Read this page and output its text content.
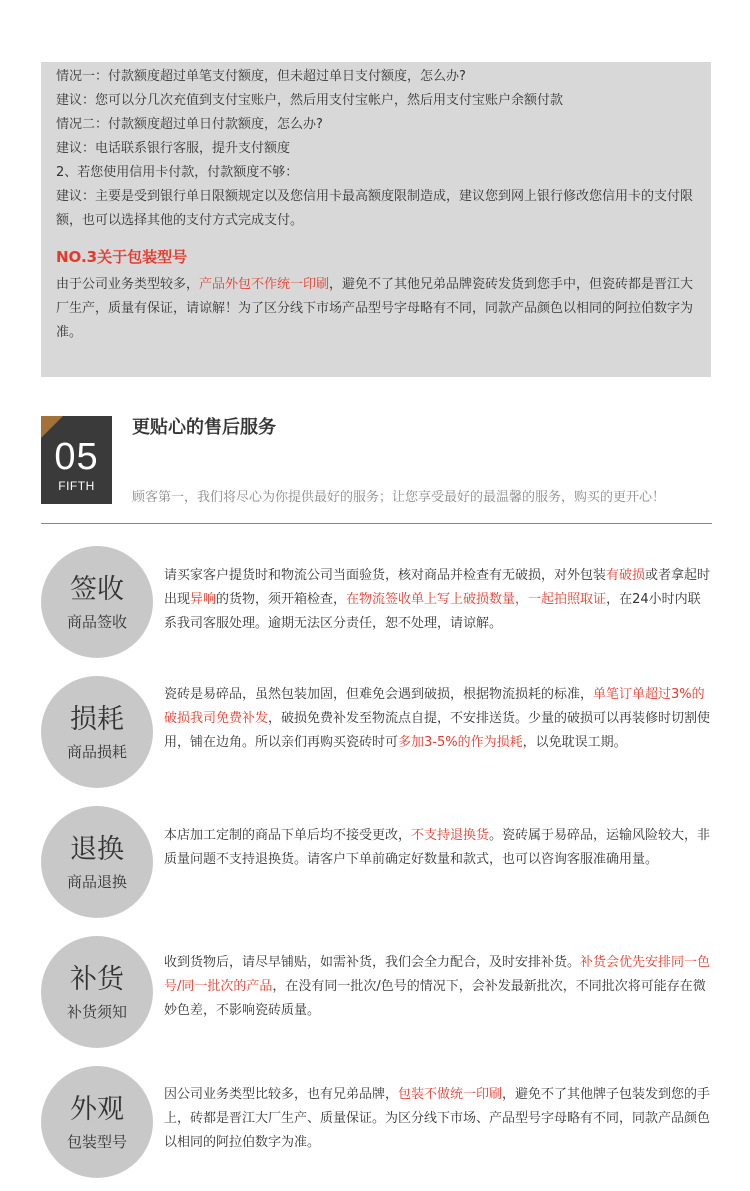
情况一：付款额度超过单笔支付额度，但未超过单日支付额度，怎么办?
建议：您可以分几次充值到支付宝账户，然后用支付宝帐户，然后用支付宝账户余额付款
情况二：付款额度超过单日付款额度，怎么办?
建议：电话联系银行客服，提升支付额度
2、若您使用信用卡付款，付款额度不够：
建议：主要是受到银行单日限额规定以及您信用卡最高额度限制造成，建议您到网上银行修改您信用卡的支付限额，也可以选择其他的支付方式完成支付。
NO.3关于包装型号
由于公司业务类型较多，产品外包不作统一印刷，避免不了其他兄弟品牌瓷砖发货到您手中，但瓷砖都是晋江大厂生产，质量有保证，请谅解！为了区分线下市场产品型号字母略有不同，同款产品颜色以相同的阿拉伯数字为准。
05
FIFTH
更贴心的售后服务
顾客第一，我们将尽心为你提供最好的服务；让您享受最好的最温馨的服务，购买的更开心！
签收
商品签收
请买家客户提货时和物流公司当面验货，核对商品并检查有无破损，对外包装有破损或者拿起时出现异响的货物，须开箱检查，在物流签收单上写上破损数量，一起拍照取证，在24小时内联系我司客服处理。逾期无法区分责任，恕不处理，请谅解。
损耗
商品损耗
瓷砖是易碎品，虽然包装加固，但难免会遇到破损，根据物流损耗的标准，单笔订单超过3%的破损我司免费补发，破损免费补发至物流点自提，不安排送货。少量的破损可以再装修时切割使用，铺在边角。所以亲们再购买瓷砖时可多加3-5%的作为损耗，以免耽误工期。
退换
商品退换
本店加工定制的商品下单后均不接受更改，不支持退换货。瓷砖属于易碎品，运输风险较大，非质量问题不支持退换货。请客户下单前确定好数量和款式，也可以咨询客服准确用量。
补货
补货须知
收到货物后，请尽早铺贴，如需补货，我们会全力配合，及时安排补货。补货会优先安排同一色号/同一批次的产品，在没有同一批次/色号的情况下，会补发最新批次，不同批次将可能存在微妙色差，不影响瓷砖质量。
外观
包装型号
因公司业务类型比较多，也有兄弟品牌，包装不做统一印刷，避免不了其他牌子包装发到您的手上，砖都是晋江大厂生产、质量保证。为区分线下市场、产品型号字母略有不同，同款产品颜色以相同的阿拉伯数字为准。
